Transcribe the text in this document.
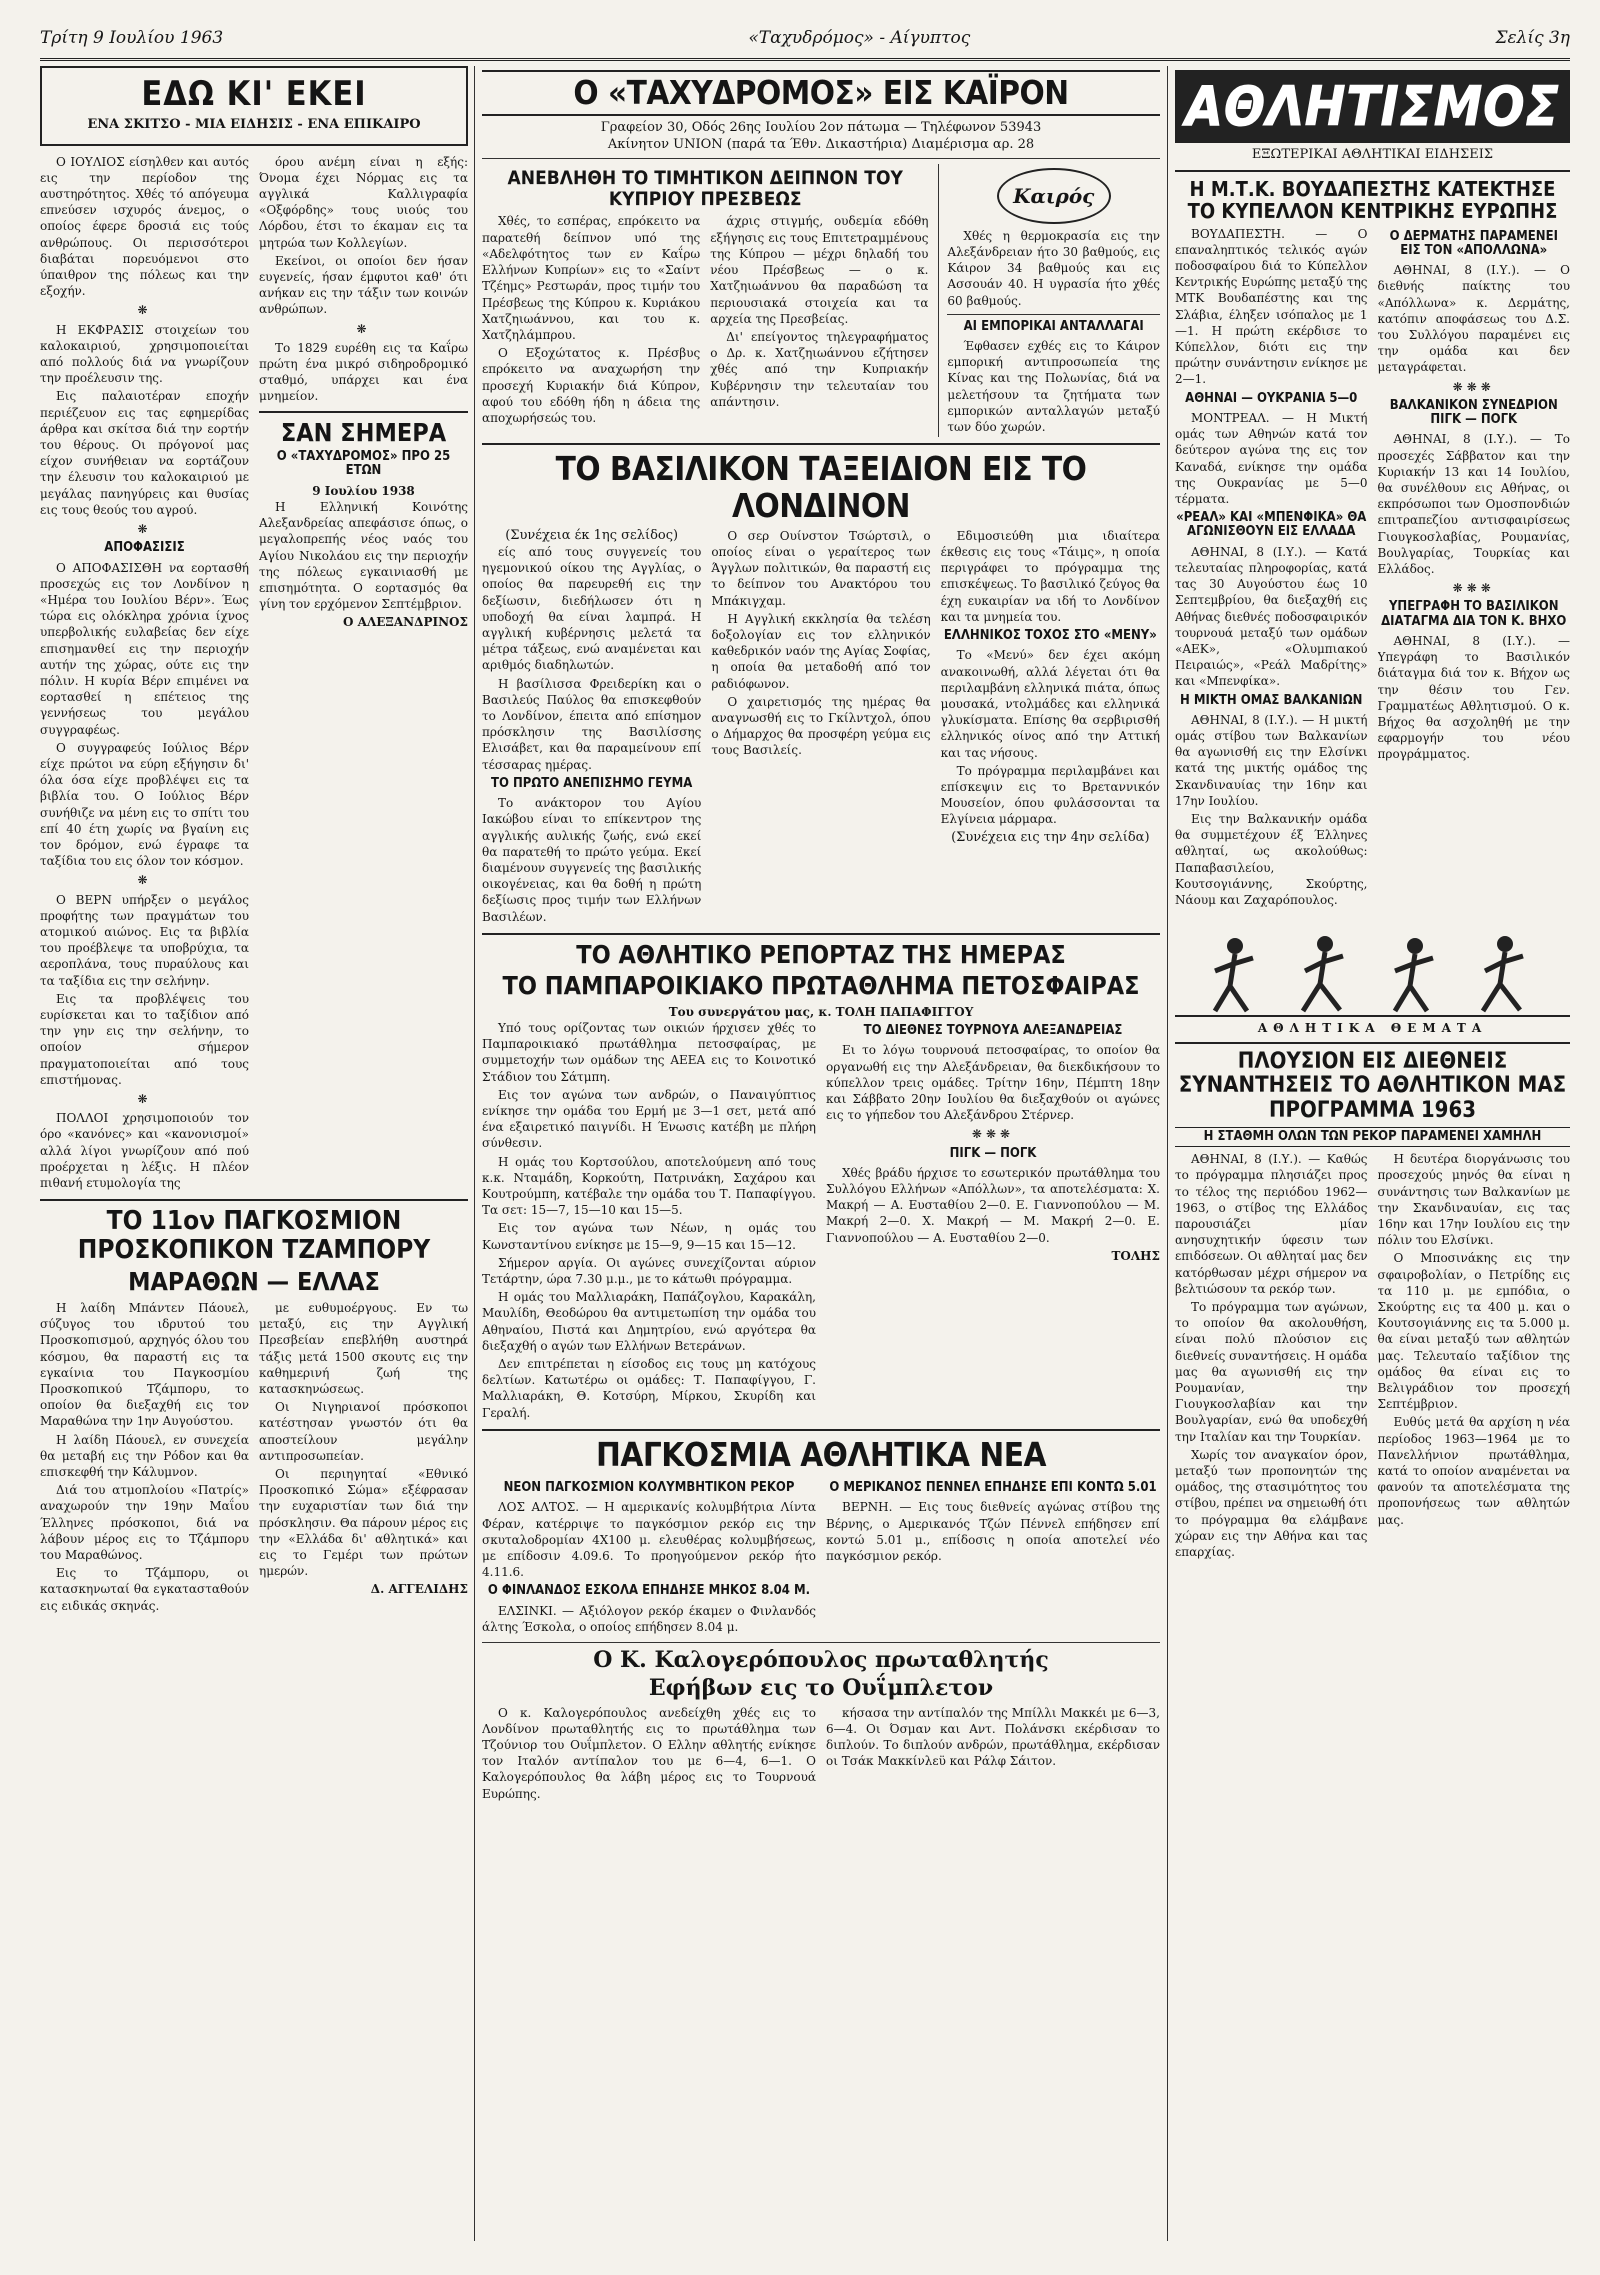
Τρίτη 9 Ιουλίου 1963	«Ταχυδρόμος» - Αίγυπτος	Σελίς 3η
ΕΔΩ ΚΙ' ΕΚΕΙ
ΕΝΑ ΣΚΙΤΣΟ - ΜΙΑ ΕΙΔΗΣΙΣ - ΕΝΑ ΕΠΙΚΑΙΡΟ

Ο ΙΟΥΛΙΟΣ είσηλθεν και αυτός εις την περίοδον της αυστηρότητος. Χθές τό απόγευμα επνεύσεν ισχυρός άνεμος, ο οποίος έφερε δροσιά εις τούς ανθρώπους. Οι περισσότεροι διαβάται πορευόμενοι στο ύπαιθρον της πόλεως και την εξοχήν.

❋

Η ΕΚΦΡΑΣΙΣ στοιχείων του καλοκαιριού, χρησιμοποιείται από πολλούς διά να γνωρίζουν την προέλευσιν της.

Εις παλαιοτέραν εποχήν περιέζευον εις τας εφημερίδας άρθρα και σκίτσα διά την εορτήν του θέρους. Οι πρόγονοί μας είχον συνήθειαν να εορτάζουν την έλευσιν του καλοκαιριού με μεγάλας πανηγύρεις και θυσίας εις τους θεούς του αγρού.

❋
ΑΠΟΦΑΣΙΣΙΣ

Ο ΑΠΟΦΑΣΙΣΘΗ να εορτασθή προσεχώς εις τον Λονδίνον η «Ημέρα του Ιουλίου Βέρν». Έως τώρα εις ολόκληρα χρόνια ίχνος υπερβολικής ευλαβείας δεν είχε επισημανθεί εις την περιοχήν αυτήν της χώρας, ούτε εις την πόλιν. Η κυρία Βέρν επιμένει να εορτασθεί η επέτειος της γεννήσεως του μεγάλου συγγραφέως.

Ο συγγραφεύς Ιούλιος Βέρν είχε πρώτοι να εύρη εξήγησιν δι' όλα όσα είχε προβλέψει εις τα βιβλία του. Ο Ιούλιος Βέρν συνήθιζε να μένη εις το σπίτι του επί 40 έτη χωρίς να βγαίνη εις τον δρόμον, ενώ έγραφε τα ταξίδια του εις όλον τον κόσμον.

❋

Ο ΒΕΡΝ υπήρξεν ο μεγάλος προφήτης των πραγμάτων του ατομικού αιώνος. Εις τα βιβλία του προέβλεψε τα υποβρύχια, τα αεροπλάνα, τους πυραύλους και τα ταξίδια εις την σελήνην.

Εις τα προβλέψεις του ευρίσκεται και το ταξίδιον από την γην εις την σελήνην, το οποίον σήμερον πραγματοποιείται από τους επιστήμονας.

❋

ΠΟΛΛΟΙ χρησιμοποιούν τον όρο «κανόνες» και «κανονισμοί» αλλά λίγοι γνωρίζουν από πού προέρχεται η λέξις. Η πλέον πιθανή ετυμολογία της

όρου ανέμη είναι η εξής: Όνομα έχει Νόρμας εις τα αγγλικά Καλλιγραφία «Οξφόρδης» τους υιούς του Λόρδου, έτσι το έκαμαν εις τα μητρώα των Κολλεγίων.

Εκείνοι, οι οποίοι δεν ήσαν ευγενείς, ήσαν έμφυτοι καθ' ότι ανήκαν εις την τάξιν των κοινών ανθρώπων.

❋

Το 1829 ευρέθη εις τα Καΐρω πρώτη ένα μικρό σιδηροδρομικό σταθμό, υπάρχει και ένα μνημείον.

ΣΑΝ ΣΗΜΕΡΑ
Ο «ΤΑΧΥΔΡΟΜΟΣ» ΠΡΟ 25 ΕΤΩΝ
9 Ιουλίου 1938

Η Ελληνική Κοινότης Αλεξανδρείας απεφάσισε όπως, ο μεγαλοπρεπής νέος ναός του Αγίου Νικολάου εις την περιοχήν της πόλεως εγκαινιασθή με επισημότητα. Ο εορτασμός θα γίνη τον ερχόμενον Σεπτέμβριον.

Ο ΑΛΕΞΑΝΔΡΙΝΟΣ
ΤΟ 11ον ΠΑΓΚΟΣΜΙΟΝ ΠΡΟΣΚΟΠΙΚΟΝ ΤΖΑΜΠΟΡΥ
ΜΑΡΑΘΩΝ — ΕΛΛΑΣ

Η λαίδη Μπάντεν Πάουελ, σύζυγος του ιδρυτού του Προσκοπισμού, αρχηγός όλου του κόσμου, θα παραστή εις τα εγκαίνια του Παγκοσμίου Προσκοπικού Τζάμπορυ, το οποίον θα διεξαχθή εις τον Μαραθώνα την 1ην Αυγούστου.

Η λαίδη Πάουελ, εν συνεχεία θα μεταβή εις την Ρόδον και θα επισκεφθή την Κάλυμνον.

Διά του ατμοπλοίου «Πατρίς» αναχωρούν την 19ην Μαΐου Έλληνες πρόσκοποι, διά να λάβουν μέρος εις το Τζάμπορυ του Μαραθώνος.

Εις το Τζάμπορυ, οι κατασκηνωταί θα εγκατασταθούν εις ειδικάς σκηνάς.

με ευθυμοέργους. Εν τω μεταξύ, εις την Αγγλική Πρεσβείαν επεβλήθη αυστηρά τάξις μετά 1500 σκουτς εις την καθημερινή ζωή της κατασκηνώσεως.

Οι Νιγηριανοί πρόσκοποι κατέστησαν γνωστόν ότι θα αποστείλουν μεγάλην αντιπροσωπείαν.

Οι περιηγηταί «Εθνικό Προσκοπικό Σώμα» εξέφρασαν την ευχαριστίαν των διά την πρόσκλησιν. Θα πάρουν μέρος εις την «Ελλάδα δι' αθλητικά» και εις το Γεμέρι των πρώτων ημερών.

Δ. ΑΓΓΕΛΙΔΗΣ
Ο «ΤΑΧΥΔΡΟΜΟΣ» ΕΙΣ ΚΑΪΡΟΝ
Γραφείον 30, Οδός 26ης Ιουλίου 2ον πάτωμα — Τηλέφωνον 53943
Ακίνητον UNION (παρά τα Έθν. Δικαστήρια) Διαμέρισμα αρ. 28
ΑΝΕΒΛΗΘΗ ΤΟ ΤΙΜΗΤΙΚΟΝ ΔΕΙΠΝΟΝ ΤΟΥ ΚΥΠΡΙΟΥ ΠΡΕΣΒΕΩΣ

Χθές, το εσπέρας, επρόκειτο να παρατεθή δείπνον υπό της «Αδελφότητος των εν Καΐρω Ελλήνων Κυπρίων» εις το «Σαίντ Τζέημς» Ρεστωράν, προς τιμήν του Πρέσβεως της Κύπρου κ. Κυριάκου Χατζηιωάννου, και του κ. Χατζηλάμπρου.

Ο Εξοχώτατος κ. Πρέσβυς επρόκειτο να αναχωρήση την προσεχή Κυριακήν διά Κύπρον, αφού του εδόθη ήδη η άδεια της αποχωρήσεώς του.

άχρις στιγμής, ουδεμία εδόθη εξήγησις εις τους Επιτετραμμένους της Κύπρου — μέχρι δηλαδή του νέου Πρέσβεως — ο κ. Χατζηιωάννου θα παραδώση τα περιουσιακά στοιχεία και τα αρχεία της Πρεσβείας.

Δι' επείγοντος τηλεγραφήματος ο Δρ. κ. Χατζηιωάννου εζήτησεν χθές από την Κυπριακήν Κυβέρνησιν την τελευταίαν του απάντησιν.

Καιρός

Χθές η θερμοκρασία εις την Αλεξάνδρειαν ήτο 30 βαθμούς, εις Κάιρον 34 βαθμούς και εις Ασσουάν 40. Η υγρασία ήτο χθές 60 βαθμούς.

ΑΙ ΕΜΠΟΡΙΚΑΙ ΑΝΤΑΛΛΑΓΑΙ

Έφθασεν εχθές εις το Κάιρον εμπορική αντιπροσωπεία της Κίνας και της Πολωνίας, διά να μελετήσουν τα ζητήματα των εμπορικών ανταλλαγών μεταξύ των δύο χωρών.

ΤΟ ΒΑΣΙΛΙΚΟΝ ΤΑΞΕΙΔΙΟΝ ΕΙΣ ΤΟ ΛΟΝΔΙΝΟΝ
(Συνέχεια έκ 1ης σελίδος)

είς από τους συγγενείς του ηγεμονικού οίκου της Αγγλίας, ο οποίος θα παρευρεθή εις την δεξίωσιν, διεδήλωσεν ότι η υποδοχή θα είναι λαμπρά. Η αγγλική κυβέρνησις μελετά τα μέτρα τάξεως, ενώ αναμένεται και αριθμός διαδηλωτών.

Η βασίλισσα Φρειδερίκη και ο Βασιλεύς Παύλος θα επισκεφθούν το Λονδίνον, έπειτα από επίσημον πρόσκλησιν της Βασιλίσσης Ελισάβετ, και θα παραμείνουν επί τέσσαρας ημέρας.

ΤΟ ΠΡΩΤΟ ΑΝΕΠΙΣΗΜΟ ΓΕΥΜΑ

Το ανάκτορον του Αγίου Ιακώβου είναι το επίκεντρον της αγγλικής αυλικής ζωής, ενώ εκεί θα παρατεθή το πρώτο γεύμα. Εκεί διαμένουν συγγενείς της βασιλικής οικογένειας, και θα δοθή η πρώτη δεξίωσις προς τιμήν των Ελλήνων Βασιλέων.

Ο σερ Ουίνστον Τσώρτσιλ, ο οποίος είναι ο γεραίτερος των Άγγλων πολιτικών, θα παραστή εις το δείπνον του Ανακτόρου του Μπάκιγχαμ.

Η Αγγλική εκκλησία θα τελέση δοξολογίαν εις τον ελληνικόν καθεδρικόν ναόν της Αγίας Σοφίας, η οποία θα μεταδοθή από τον ραδιόφωνον.

Ο χαιρετισμός της ημέρας θα αναγνωσθή εις το Γκίλντχολ, όπου ο Δήμαρχος θα προσφέρη γεύμα εις τους Βασιλείς.

Εδιμοσιεύθη μια ιδιαίτερα έκθεσις εις τους «Τάιμς», η οποία περιγράφει το πρόγραμμα της επισκέψεως. Το βασιλικό ζεύγος θα έχη ευκαιρίαν να ιδή το Λονδίνον και τα μνημεία του.

ΕΛΛΗΝΙΚΟΣ ΤΟΧΟΣ ΣΤΟ «ΜΕΝΥ»

Το «Μενύ» δεν έχει ακόμη ανακοινωθή, αλλά λέγεται ότι θα περιλαμβάνη ελληνικά πιάτα, όπως μουσακά, ντολμάδες και ελληνικά γλυκίσματα. Επίσης θα σερβιρισθή ελληνικός οίνος από την Αττική και τας νήσους.

Το πρόγραμμα περιλαμβάνει και επίσκεψιν εις το Βρεταννικόν Μουσείον, όπου φυλάσσονται τα Ελγίνεια μάρμαρα.

(Συνέχεια εις την 4ην σελίδα)
ΤΟ ΑΘΛΗΤΙΚΟ ΡΕΠΟΡΤΑΖ ΤΗΣ ΗΜΕΡΑΣ
ΤΟ ΠΑΜΠΑΡΟΙΚΙΑΚΟ ΠΡΩΤΑΘΛΗΜΑ ΠΕΤΟΣΦΑΙΡΑΣ
Του συνεργάτου μας, κ. ΤΟΛΗ ΠΑΠΑΦΙΓΓΟΥ

Υπό τους ορίζοντας των οικιών ήρχισεν χθές το Παμπαροικιακό πρωτάθλημα πετοσφαίρας, με συμμετοχήν των ομάδων της ΑΕΕΑ εις το Κοινοτικό Στάδιον του Σάτμπη.

Εις τον αγώνα των ανδρών, ο Παναιγύπτιος ενίκησε την ομάδα του Ερμή με 3—1 σετ, μετά από ένα εξαιρετικό παιγνίδι. Η Ένωσις κατέβη με πλήρη σύνθεσιν.

Η ομάς του Κορτσούλου, αποτελούμενη από τους κ.κ. Νταμάδη, Κορκούτη, Πατρινάκη, Σαχάρου και Κουτρούμπη, κατέβαλε την ομάδα του Τ. Παπαφίγγου. Τα σετ: 15—7, 15—10 και 15—5.

Εις τον αγώνα των Νέων, η ομάς του Κωνσταντίνου ενίκησε με 15—9, 9—15 και 15—12.

Σήμερον αργία. Οι αγώνες συνεχίζονται αύριον Τετάρτην, ώρα 7.30 μ.μ., με το κάτωθι πρόγραμμα.

Η ομάς του Μαλλιαράκη, Παπάζογλου, Καρακάλη, Μαυλίδη, Θεοδώρου θα αντιμετωπίση την ομάδα του Αθηναίου, Πιστά και Δημητρίου, ενώ αργότερα θα διεξαχθή ο αγών των Ελλήνων Βετεράνων.

Δεν επιτρέπεται η είσοδος εις τους μη κατόχους δελτίων. Κατωτέρω οι ομάδες: Τ. Παπαφίγγου, Γ. Μαλλιαράκη, Θ. Κοτσύρη, Μίρκου, Σκυρίδη και Γεραλή.

ΤΟ ΔΙΕΘΝΕΣ ΤΟΥΡΝΟΥΑ ΑΛΕΞΑΝΔΡΕΙΑΣ

Ει το λόγω τουρνουά πετοσφαίρας, το οποίον θα οργανωθή εις την Αλεξάνδρειαν, θα διεκδικήσουν το κύπελλον τρεις ομάδες. Τρίτην 16ην, Πέμπτη 18ην και Σάββατο 20ην Ιουλίου θα διεξαχθούν οι αγώνες εις το γήπεδον του Αλεξάνδρου Στέρνερ.

❋❋❋
ΠΙΓΚ — ΠΟΓΚ

Χθές βράδυ ήρχισε το εσωτερικόν πρωτάθλημα του Συλλόγου Ελλήνων «Απόλλων», τα αποτελέσματα: Χ. Μακρή — Α. Ευσταθίου 2—0. Ε. Γιαννοπούλου — Μ. Μακρή 2—0. Χ. Μακρή — Μ. Μακρή 2—0. Ε. Γιαννοπούλου — Α. Ευσταθίου 2—0.

ΤΟΛΗΣ
ΠΑΓΚΟΣΜΙΑ ΑΘΛΗΤΙΚΑ ΝΕΑ
ΝΕΟΝ ΠΑΓΚΟΣΜΙΟΝ ΚΟΛΥΜΒΗΤΙΚΟΝ ΡΕΚΟΡ

ΛΟΣ ΑΛΤΟΣ. — Η αμερικανίς κολυμβήτρια Λίντα Φέραν, κατέρριψε το παγκόσμιον ρεκόρ εις την σκυταλοδρομίαν 4Χ100 μ. ελευθέρας κολυμβήσεως, με επίδοσιν 4.09.6. Το προηγούμενον ρεκόρ ήτο 4.11.6.

Ο ΦΙΝΛΑΝΔΟΣ ΕΣΚΟΛΑ ΕΠΗΔΗΣΕ ΜΗΚΟΣ 8.04 Μ.

ΕΛΣΙΝΚΙ. — Αξιόλογον ρεκόρ έκαμεν ο Φινλανδός άλτης Έσκολα, ο οποίος επήδησεν 8.04 μ.

Ο ΜΕΡΙΚΑΝΟΣ ΠΕΝΝΕΛ ΕΠΗΔΗΣΕ ΕΠΙ ΚΟΝΤΩ 5.01

ΒΕΡΝΗ. — Εις τους διεθνείς αγώνας στίβου της Βέρνης, ο Αμερικανός Τζών Πέννελ επήδησεν επί κοντώ 5.01 μ., επίδοσις η οποία αποτελεί νέο παγκόσμιον ρεκόρ.

Ο Κ. Καλογερόπουλος πρωταθλητής
Εφήβων εις το Ουΐμπλετον

Ο κ. Καλογερόπουλος ανεδείχθη χθές εις το Λονδίνον πρωταθλητής εις το πρωτάθλημα των Τζούνιορ του Ουΐμπλετον. Ο Ελλην αθλητής ενίκησε τον Ιταλόν αντίπαλον του με 6—4, 6—1. Ο Καλογερόπουλος θα λάβη μέρος εις το Τουρνουά Ευρώπης.

κήσασα την αντίπαλόν της Μπίλλι Μακκέι με 6—3, 6—4. Οι Όσμαν και Αντ. Πολάνσκι εκέρδισαν το διπλούν. Το διπλούν ανδρών, πρωτάθλημα, εκέρδισαν οι Τσάκ Μακκίνλεϋ και Ράλφ Σάιτον.

ΑΘΛΗΤΙΣΜΟΣ
ΕΞΩΤΕΡΙΚΑΙ ΑΘΛΗΤΙΚΑΙ ΕΙΔΗΣΕΙΣ
Η Μ.Τ.Κ. ΒΟΥΔΑΠΕΣΤΗΣ ΚΑΤΕΚΤΗΣΕ ΤΟ ΚΥΠΕΛΛΟΝ ΚΕΝΤΡΙΚΗΣ ΕΥΡΩΠΗΣ

ΒΟΥΔΑΠΕΣΤΗ. — Ο επαναληπτικός τελικός αγών ποδοσφαίρου διά το Κύπελλον Κεντρικής Ευρώπης μεταξύ της ΜΤΚ Βουδαπέστης και της Σλάβια, έληξεν ισόπαλος με 1—1. Η πρώτη εκέρδισε το Κύπελλον, διότι εις την πρώτην συνάντησιν ενίκησε με 2—1.

ΑΘΗΝΑΙ — ΟΥΚΡΑΝΙΑ 5—0

ΜΟΝΤΡΕΑΛ. — Η Μικτή ομάς των Αθηνών κατά τον δεύτερον αγώνα της εις τον Καναδά, ενίκησε την ομάδα της Ουκρανίας με 5—0 τέρματα.

«ΡΕΑΛ» ΚΑΙ «ΜΠΕΝΦΙΚΑ» ΘΑ ΑΓΩΝΙΣΘΟΥΝ ΕΙΣ ΕΛΛΑΔΑ

ΑΘΗΝΑΙ, 8 (Ι.Υ.). — Κατά τελευταίας πληροφορίας, κατά τας 30 Αυγούστου έως 10 Σεπτεμβρίου, θα διεξαχθή εις Αθήνας διεθνές ποδοσφαιρικόν τουρνουά μεταξύ των ομάδων «ΑΕΚ», «Ολυμπιακού Πειραιώς», «Ρεάλ Μαδρίτης» και «Μπενφίκα».

Η ΜΙΚΤΗ ΟΜΑΣ ΒΑΛΚΑΝΙΩΝ

ΑΘΗΝΑΙ, 8 (Ι.Υ.). — Η μικτή ομάς στίβου των Βαλκανίων θα αγωνισθή εις την Ελσίνκι κατά της μικτής ομάδος της Σκανδιναυίας την 16ην και 17ην Ιουλίου.

Εις την Βαλκανικήν ομάδα θα συμμετέχουν έξ Έλληνες αθληταί, ως ακολούθως: Παπαβασιλείου, Κουτσογιάννης, Σκούρτης, Νάουμ και Ζαχαρόπουλος.

Ο ΔΕΡΜΑΤΗΣ ΠΑΡΑΜΕΝΕΙ ΕΙΣ ΤΟΝ «ΑΠΟΛΛΩΝΑ»

ΑΘΗΝΑΙ, 8 (Ι.Υ.). — Ο διεθνής παίκτης του «Απόλλωνα» κ. Δερμάτης, κατόπιν αποφάσεως του Δ.Σ. του Συλλόγου παραμένει εις την ομάδα και δεν μεταγράφεται.

❋❋❋
ΒΑΛΚΑΝΙΚΟΝ ΣΥΝΕΔΡΙΟΝ ΠΙΓΚ — ΠΟΓΚ

ΑΘΗΝΑΙ, 8 (Ι.Υ.). — Το προσεχές Σάββατον και την Κυριακήν 13 και 14 Ιουλίου, θα συνέλθουν εις Αθήνας, οι εκπρόσωποι των Ομοσπονδιών επιτραπεζίου αντισφαιρίσεως Γιουγκοσλαβίας, Ρουμανίας, Βουλγαρίας, Τουρκίας και Ελλάδος.

❋❋❋
ΥΠΕΓΡΑΦΗ ΤΟ ΒΑΣΙΛΙΚΟΝ ΔΙΑΤΑΓΜΑ ΔΙΑ ΤΟΝ Κ. ΒΗΧΟ

ΑΘΗΝΑΙ, 8 (Ι.Υ.). — Υπεγράφη το Βασιλικόν διάταγμα διά τον κ. Βήχον ως την θέσιν του Γεν. Γραμματέως Αθλητισμού. Ο κ. Βήχος θα ασχοληθή με την εφαρμογήν του νέου προγράμματος.

ΑΘΛΗΤΙΚΑ ΘΕΜΑΤΑ
ΠΛΟΥΣΙΟΝ ΕΙΣ ΔΙΕΘΝΕΙΣ ΣΥΝΑΝΤΗΣΕΙΣ ΤΟ ΑΘΛΗΤΙΚΟΝ ΜΑΣ ΠΡΟΓΡΑΜΜΑ 1963
Η ΣΤΑΘΜΗ ΟΛΩΝ ΤΩΝ ΡΕΚΟΡ ΠΑΡΑΜΕΝΕΙ ΧΑΜΗΛΗ

ΑΘΗΝΑΙ, 8 (Ι.Υ.). — Καθώς το πρόγραμμα πλησιάζει προς το τέλος της περιόδου 1962—1963, ο στίβος της Ελλάδος παρουσιάζει μίαν ανησυχητικήν ύφεσιν των επιδόσεων. Οι αθληταί μας δεν κατόρθωσαν μέχρι σήμερον να βελτιώσουν τα ρεκόρ των.

Το πρόγραμμα των αγώνων, το οποίον θα ακολουθήση, είναι πολύ πλούσιον εις διεθνείς συναντήσεις. Η ομάδα μας θα αγωνισθή εις την Ρουμανίαν, την Γιουγκοσλαβίαν και την Βουλγαρίαν, ενώ θα υποδεχθή την Ιταλίαν και την Τουρκίαν.

Χωρίς τον αναγκαίον όρον, μεταξύ των προπονητών της ομάδος, της στασιμότητος του στίβου, πρέπει να σημειωθή ότι το πρόγραμμα θα ελάμβανε χώραν εις την Αθήνα και τας επαρχίας.

Η δευτέρα διοργάνωσις του προσεχούς μηνός θα είναι η συνάντησις των Βαλκανίων με την Σκανδιναυίαν, εις τας 16ην και 17ην Ιουλίου εις την πόλιν του Ελσίνκι.

Ο Μποσινάκης εις την σφαιροβολίαν, ο Πετρίδης εις τα 110 μ. με εμπόδια, ο Σκούρτης εις τα 400 μ. και ο Κουτσογιάννης εις τα 5.000 μ. θα είναι μεταξύ των αθλητών μας. Τελευταίο ταξίδιον της ομάδος θα είναι εις το Βελιγράδιον τον προσεχή Σεπτέμβριον.

Ευθύς μετά θα αρχίση η νέα περίοδος 1963—1964 με το Πανελλήνιον πρωτάθλημα, κατά το οποίον αναμένεται να φανούν τα αποτελέσματα της προπονήσεως των αθλητών μας.
